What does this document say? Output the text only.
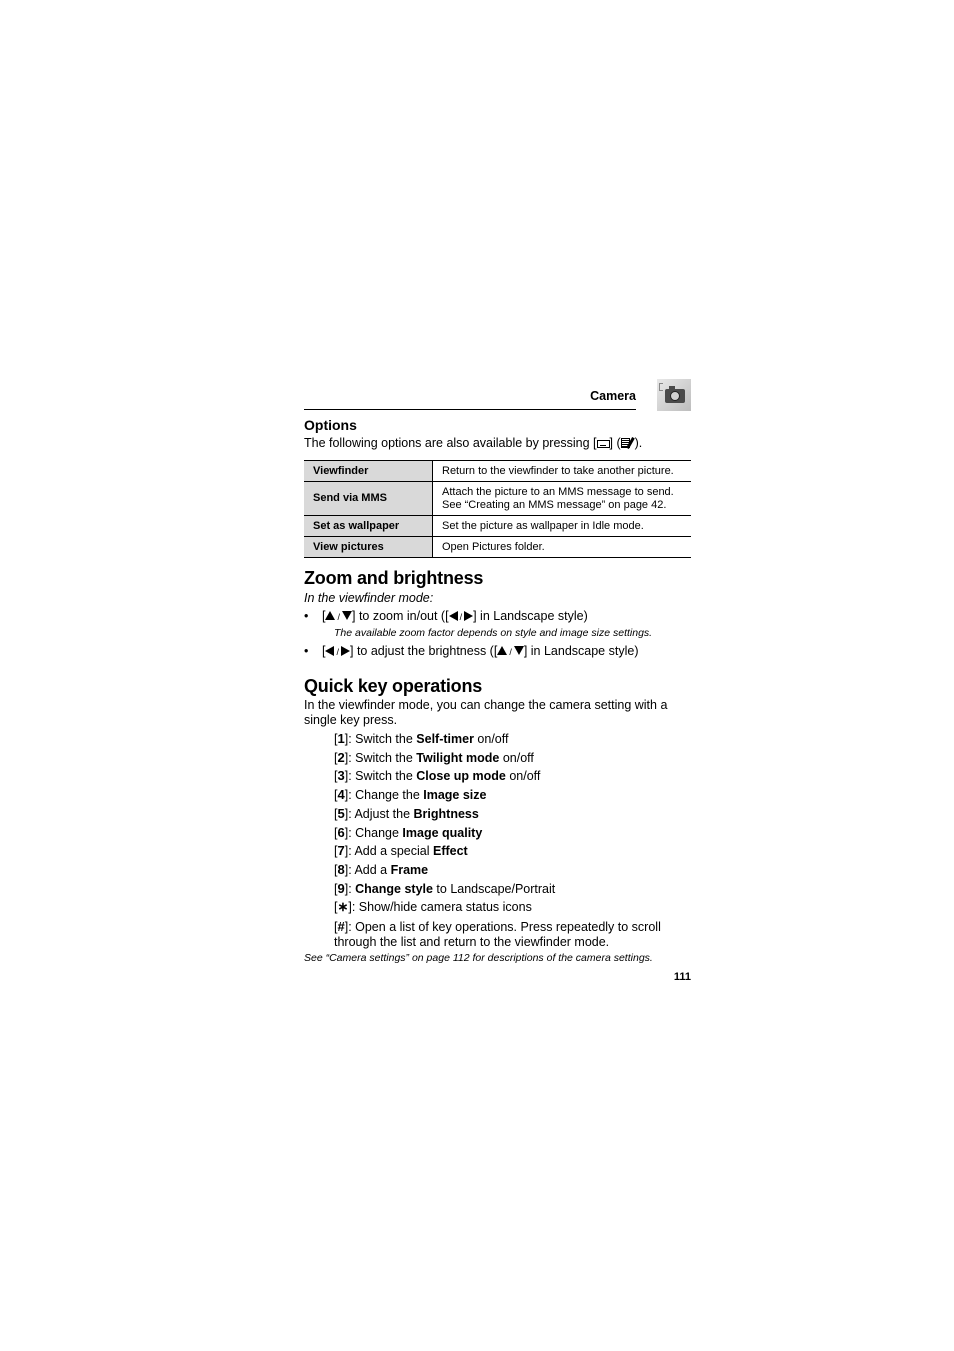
Camera
Options

The following options are also available by pressing [ ] ( ).

Viewfinder	Return to the viewfinder to take another picture.
Send via MMS	Attach the picture to an MMS message to send.
See “Creating an MMS message” on page 42.
Set as wallpaper	Set the picture as wallpaper in Idle mode.
View pictures	Open Pictures folder.
Zoom and brightness

In the viewfinder mode:

• [ / ] to zoom in/out ([ / ] in Landscape style)

The available zoom factor depends on style and image size settings.

• [ / ] to adjust the brightness ([ / ] in Landscape style)
Quick key operations

In the viewfinder mode, you can change the camera setting with a
single key press.

[1]: Switch the Self-timer on/off
[2]: Switch the Twilight mode on/off
[3]: Switch the Close up mode on/off
[4]: Change the Image size
[5]: Adjust the Brightness
[6]: Change Image quality
[7]: Add a special Effect
[8]: Add a Frame
[9]: Change style to Landscape/Portrait
[∗]: Show/hide camera status icons
[#]: Open a list of key operations. Press repeatedly to scroll
through the list and return to the viewfinder mode.
See “Camera settings” on page 112 for descriptions of the camera settings.
111
